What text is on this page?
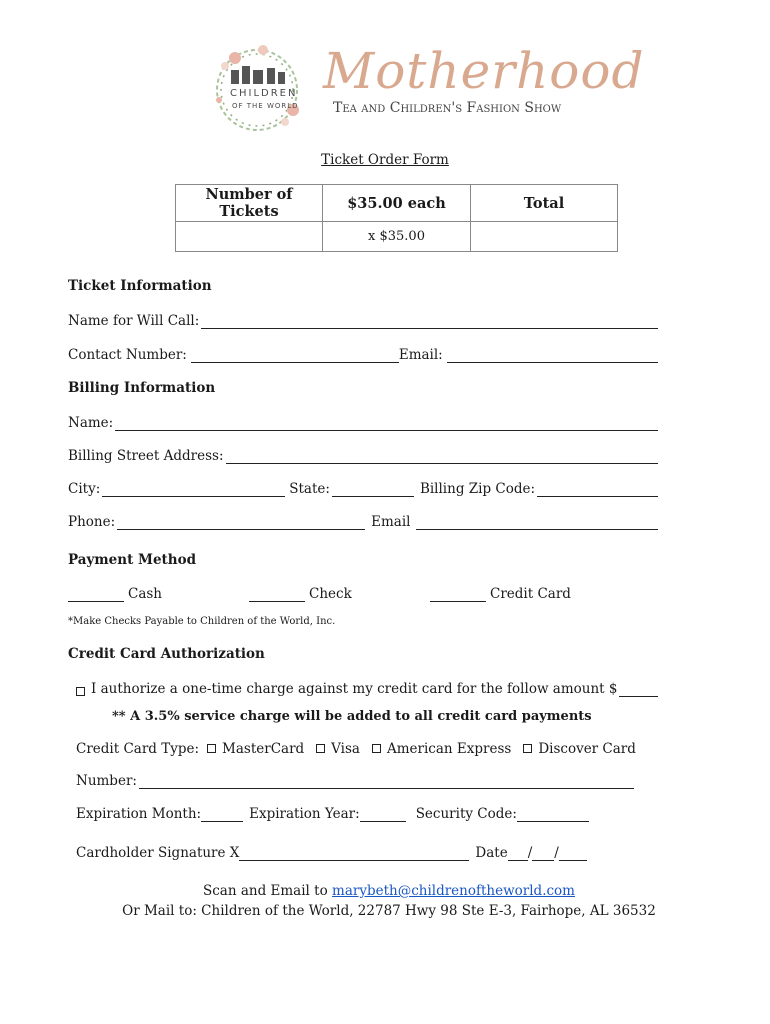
CHILDREN
OF THE WORLD
Motherhood
Tea and Children's Fashion Show
Ticket Order Form
Number of Tickets	$35.00 each	Total
	x $35.00	
Ticket Information
Name for Will Call:
Contact Number:	Email:
Billing Information
Name:
Billing Street Address:
City:	State:	Billing Zip Code:
Phone:	Email
Payment Method
Cash	Check	Credit Card
*Make Checks Payable to Children of the World, Inc.
Credit Card Authorization
I authorize a one-time charge against my credit card for the follow amount $
** A 3.5% service charge will be added to all credit card payments
Credit Card Type: MasterCard Visa American Express Discover Card
Number:
Expiration Month:	Expiration Year:	Security Code:
Cardholder Signature X	Date / /
Scan and Email to marybeth@childrenoftheworld.com
Or Mail to: Children of the World, 22787 Hwy 98 Ste E-3, Fairhope, AL 36532
